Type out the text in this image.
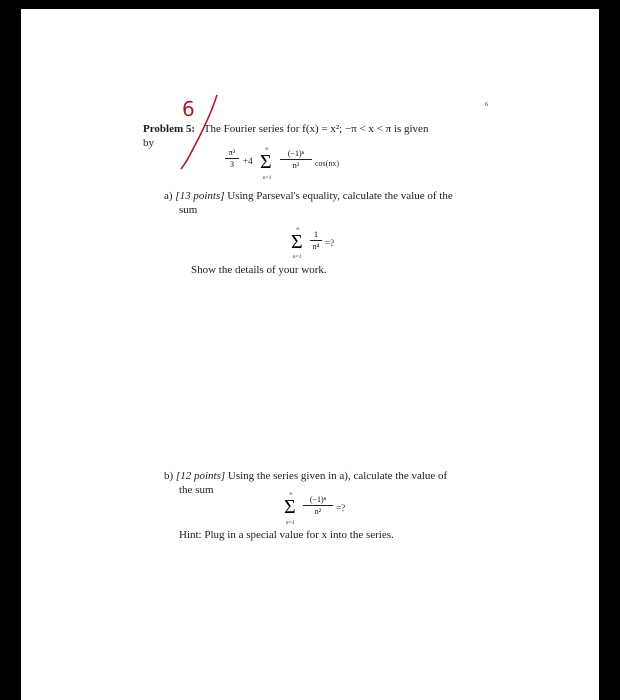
6
6
Problem 5: The Fourier series for f(x) = x²; −π < x < π is given
by
π²
3	+4
∞
Σ
n=1
(−1)ⁿ
n²	cos(nx)
a) [13 points] Using Parseval's equality, calculate the value of the
sum
∞
Σ
n=1
1
n⁴ =?
Show the details of your work.
b) [12 points] Using the series given in a), calculate the value of
the sum	∞
Σ
n=1
(−1)ⁿ
n²	=?
Hint: Plug in a special value for x into the series.
